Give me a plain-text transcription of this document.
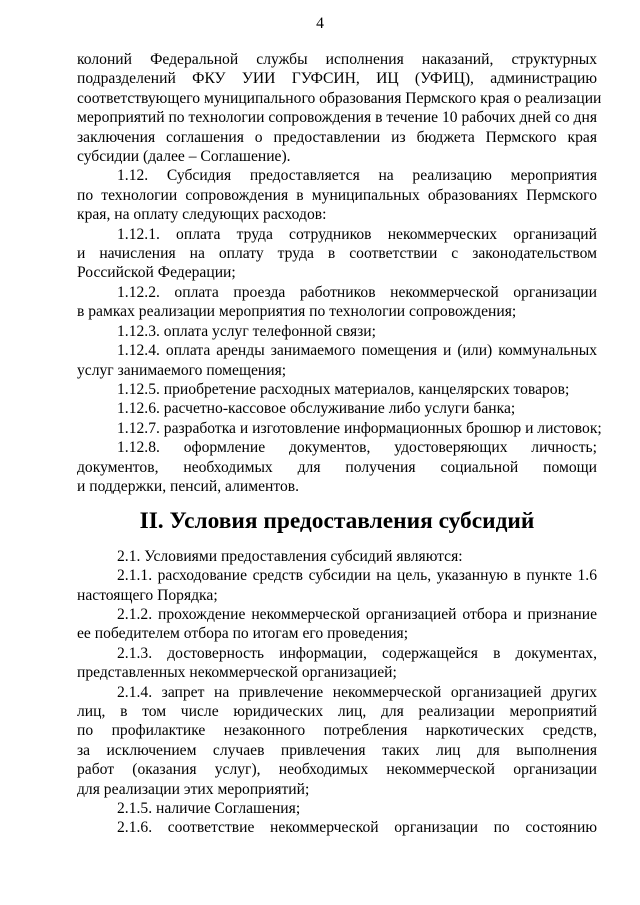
4

колоний Федеральной службы исполнения наказаний, структурных
подразделений ФКУ УИИ ГУФСИН, ИЦ (УФИЦ), администрацию
соответствующего муниципального образования Пермского края о реализации
мероприятий по технологии сопровождения в течение 10 рабочих дней со дня
заключения соглашения о предоставлении из бюджета Пермского края
субсидии (далее – Соглашение).

1.12. Субсидия предоставляется на реализацию мероприятия
по технологии сопровождения в муниципальных образованиях Пермского
края, на оплату следующих расходов:

1.12.1. оплата труда сотрудников некоммерческих организаций
и начисления на оплату труда в соответствии с законодательством
Российской Федерации;

1.12.2. оплата проезда работников некоммерческой организации
в рамках реализации мероприятия по технологии сопровождения;

1.12.3. оплата услуг телефонной связи;

1.12.4. оплата аренды занимаемого помещения и (или) коммунальных
услуг занимаемого помещения;

1.12.5. приобретение расходных материалов, канцелярских товаров;

1.12.6. расчетно-кассовое обслуживание либо услуги банка;

1.12.7. разработка и изготовление информационных брошюр и листовок;

1.12.8. оформление документов, удостоверяющих личность;
документов, необходимых для получения социальной помощи
и поддержки, пенсий, алиментов.

II. Условия предоставления субсидий

2.1. Условиями предоставления субсидий являются:

2.1.1. расходование средств субсидии на цель, указанную в пункте 1.6
настоящего Порядка;

2.1.2. прохождение некоммерческой организацией отбора и признание
ее победителем отбора по итогам его проведения;

2.1.3. достоверность информации, содержащейся в документах,
представленных некоммерческой организацией;

2.1.4. запрет на привлечение некоммерческой организацией других
лиц, в том числе юридических лиц, для реализации мероприятий
по профилактике незаконного потребления наркотических средств,
за исключением случаев привлечения таких лиц для выполнения
работ (оказания услуг), необходимых некоммерческой организации
для реализации этих мероприятий;

2.1.5. наличие Соглашения;

2.1.6. соответствие некоммерческой организации по состоянию
